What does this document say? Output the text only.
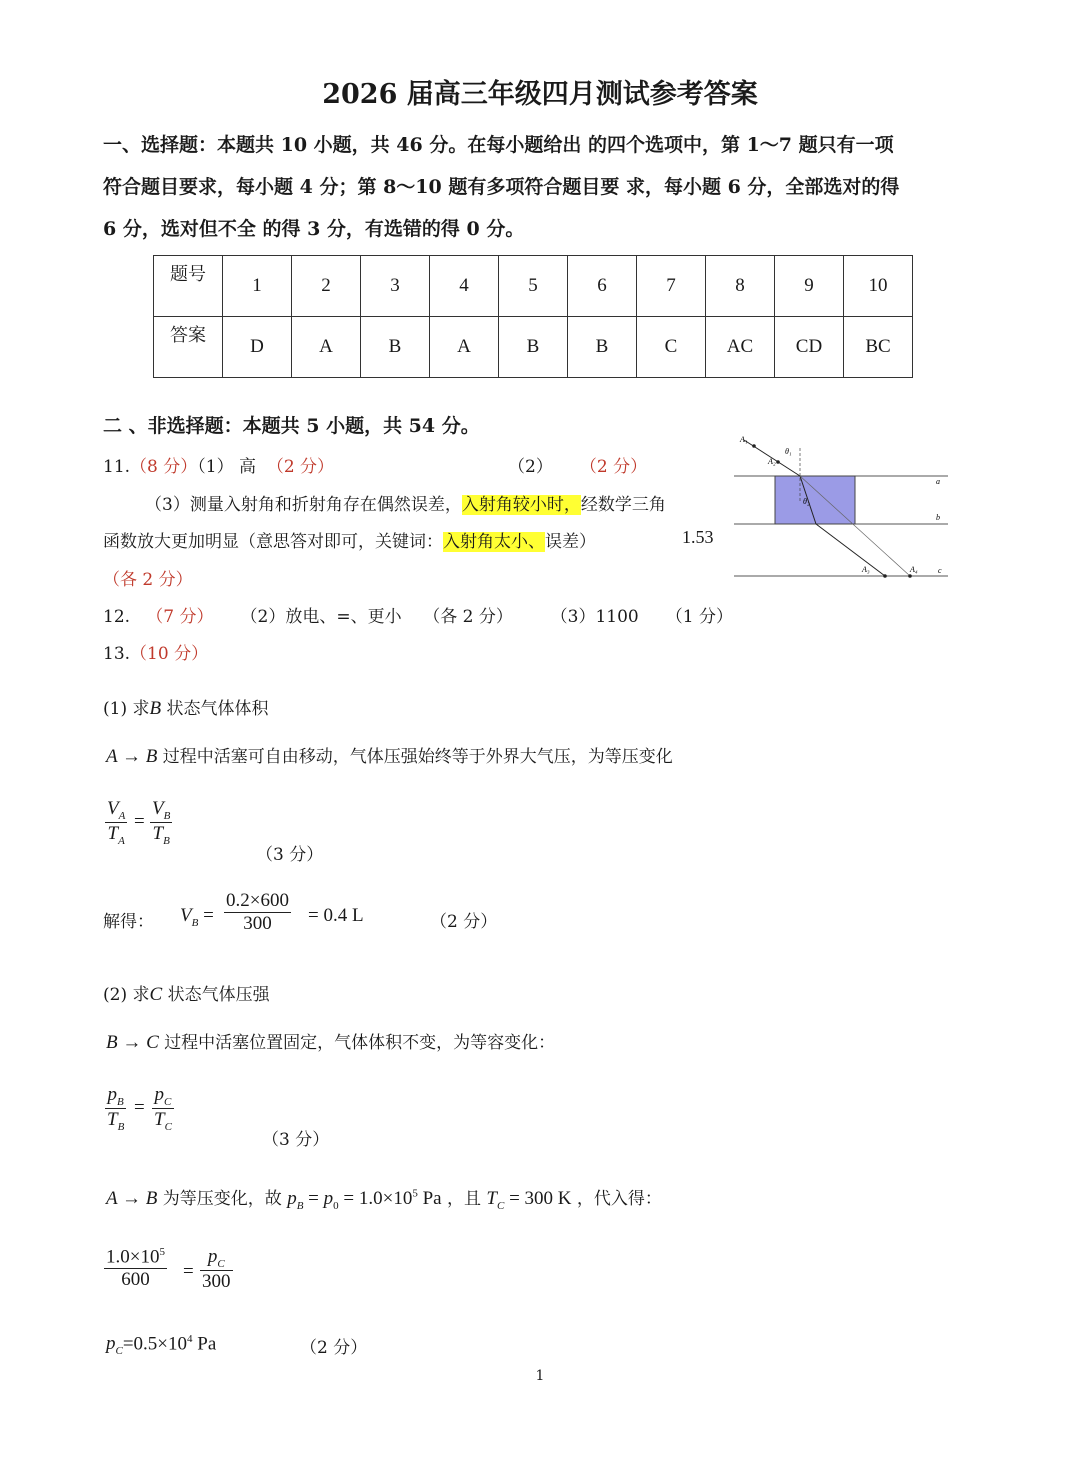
2026 届高三年级四月测试参考答案
一、选择题：本题共 10 小题，共 46 分。在每小题给出 的四个选项中，第 1～7 题只有一项
符合题目要求，每小题 4 分；第 8～10 题有多项符合题目要 求，每小题 6 分，全部选对的得
6 分，选对但不全 的得 3 分，有选错的得 0 分。
题号	1	2	3	4	5	6	7	8	9	10
答案	D	A	B	A	B	B	C	AC	CD	BC
二 、非选择题：本题共 5 小题，共 54 分。
11.（8 分）（1） 高 （2 分）	（2） （2 分）
（3）测量入射角和折射角存在偶然误差，入射角较小时，经数学三角
函数放大更加明显（意思答对即可，关键词：入射角太小、误差）	1.53
（各 2 分）
A₁
A₂
θ₁
θ₂
a
b
c
A₃	A₄
12. （7 分） （2）放电、=、更小 （各 2 分） （3）1100 （1 分）
13.（10 分）
(1) 求B 状态气体体积
A → B 过程中活塞可自由移动，气体压强始终等于外界大气压，为等压变化
$\frac{V_A}{T_A} = \frac{V_B}{T_B}$
（3 分）
解得： $V_B = \frac{0.2\times 600}{300} = 0.4$ L	（2 分）
(2) 求C 状态气体压强
B → C 过程中活塞位置固定，气体体积不变，为等容变化：
$\frac{p_B}{T_B} = \frac{p_C}{T_C}$
（3 分）
A → B 为等压变化，故 $p_B = p_0 = 1.0\times 10^5$ Pa ，且 $T_C = 300$ K ，代入得：
$\frac{1.0\times 10^5}{600} = \frac{p_C}{300}$
$p_C=0.5\times 10^4$ Pa	（2 分）
1
